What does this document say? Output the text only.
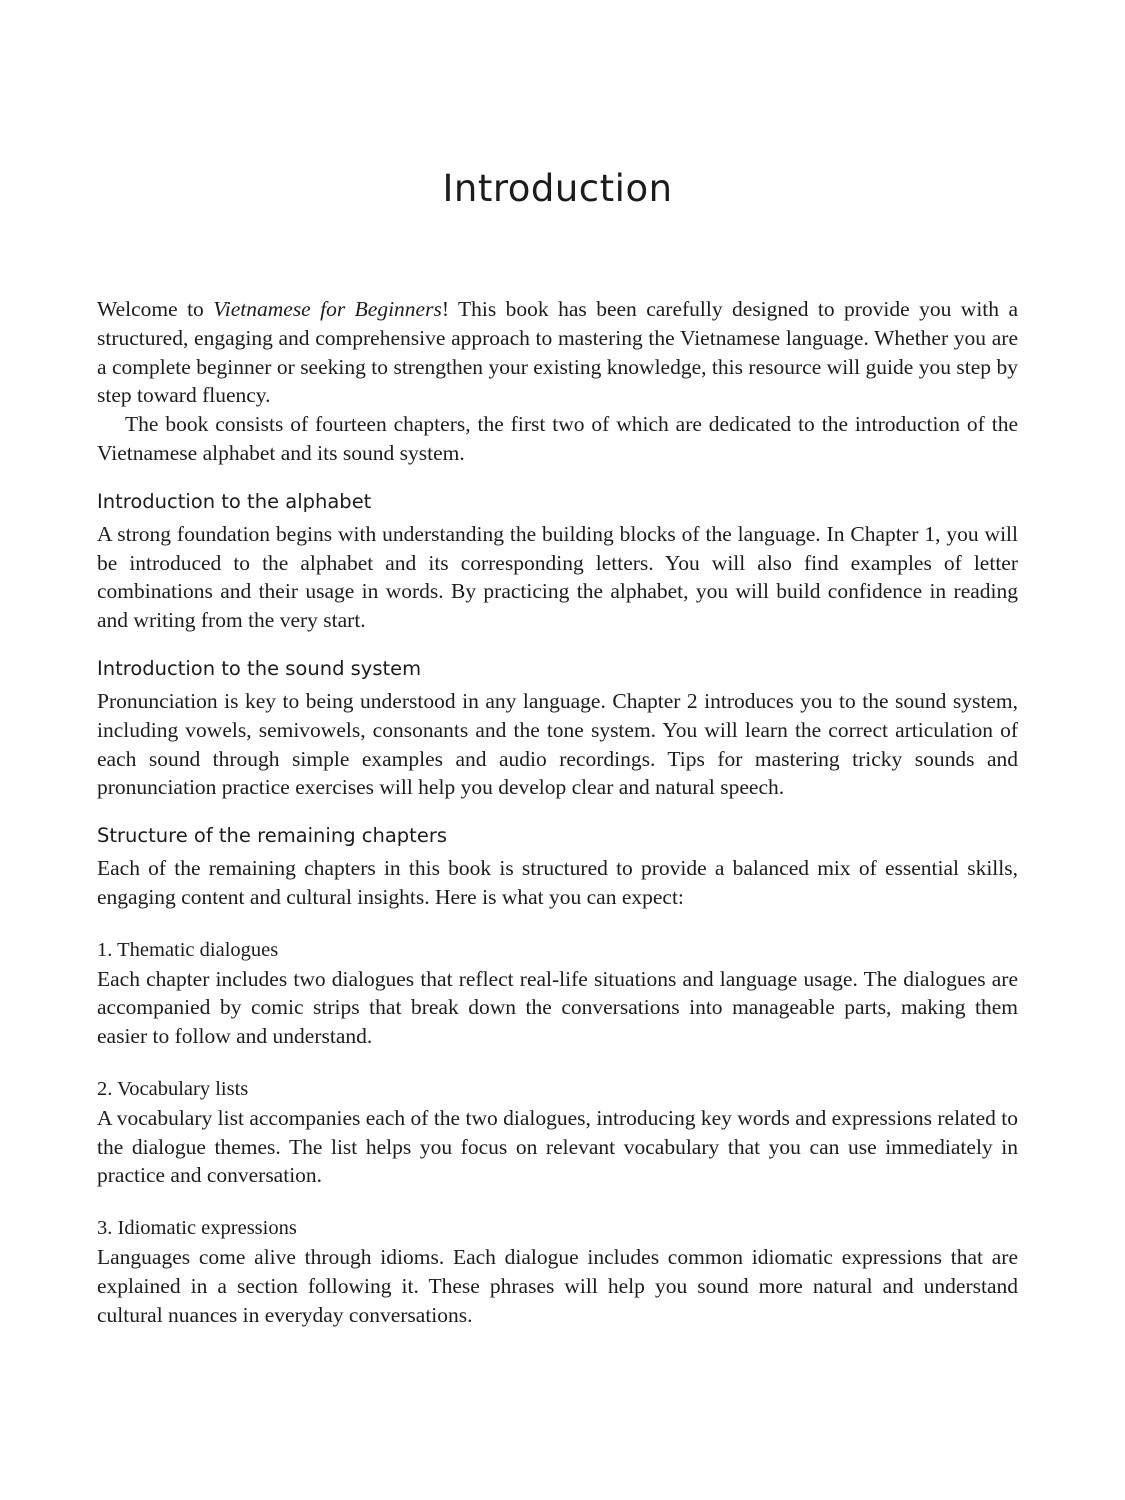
Introduction

Welcome to Vietnamese for Beginners! This book has been carefully designed to provide you with a structured, engaging and comprehensive approach to mastering the Vietnamese language. Whether you are a complete beginner or seeking to strengthen your existing knowledge, this resource will guide you step by step toward fluency.

The book consists of fourteen chapters, the first two of which are dedicated to the introduction of the Vietnamese alphabet and its sound system.

Introduction to the alphabet

A strong foundation begins with understanding the building blocks of the language. In Chapter 1, you will be introduced to the alphabet and its corresponding letters. You will also find examples of letter combinations and their usage in words. By practicing the alphabet, you will build confidence in reading and writing from the very start.

Introduction to the sound system

Pronunciation is key to being understood in any language. Chapter 2 introduces you to the sound system, including vowels, semivowels, consonants and the tone system. You will learn the correct articulation of each sound through simple examples and audio recordings. Tips for mastering tricky sounds and pronunciation practice exercises will help you develop clear and natural speech.

Structure of the remaining chapters

Each of the remaining chapters in this book is structured to provide a balanced mix of essential skills, engaging content and cultural insights. Here is what you can expect:

1. Thematic dialogues

Each chapter includes two dialogues that reflect real-life situations and language usage. The dialogues are accompanied by comic strips that break down the conversations into manageable parts, making them easier to follow and understand.

2. Vocabulary lists

A vocabulary list accompanies each of the two dialogues, introducing key words and expressions related to the dialogue themes. The list helps you focus on relevant vocabulary that you can use immediately in practice and conversation.

3. Idiomatic expressions

Languages come alive through idioms. Each dialogue includes common idiomatic expressions that are explained in a section following it. These phrases will help you sound more natural and understand cultural nuances in everyday conversations.
